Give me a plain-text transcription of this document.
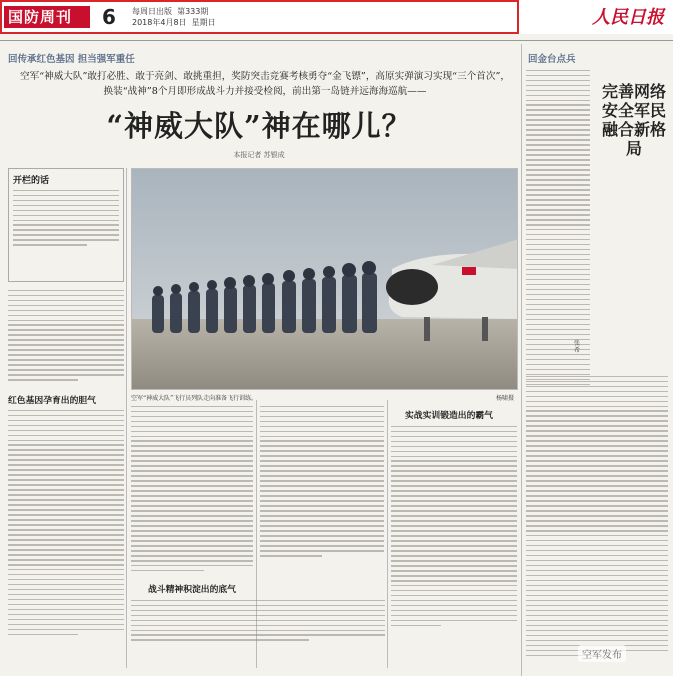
国防周刊	6 每周日出版 第333期
2018年4月8日 星期日	人民日报
回传承红色基因 担当强军重任	回金台点兵
空军“神威大队”敢打必胜、敢于亮剑、敢挑重担，奖防突击竞赛考核勇夺“金飞镖”，高原实弹演习实现“三个首次”，换装“战神”8个月即形成战斗力并接受检阅，前出第一岛链并远海海巡航——
“神威大队”神在哪儿？
本报记者 苏银成
开栏的话
空军“神威大队”飞行员列队走向准备飞行训练。	杨啸摄
红色基因孕育出的胆气
战斗精神积淀出的底气
实战实训锻造出的霸气
完善网络安全军民融合新格局
张希
空军发布
